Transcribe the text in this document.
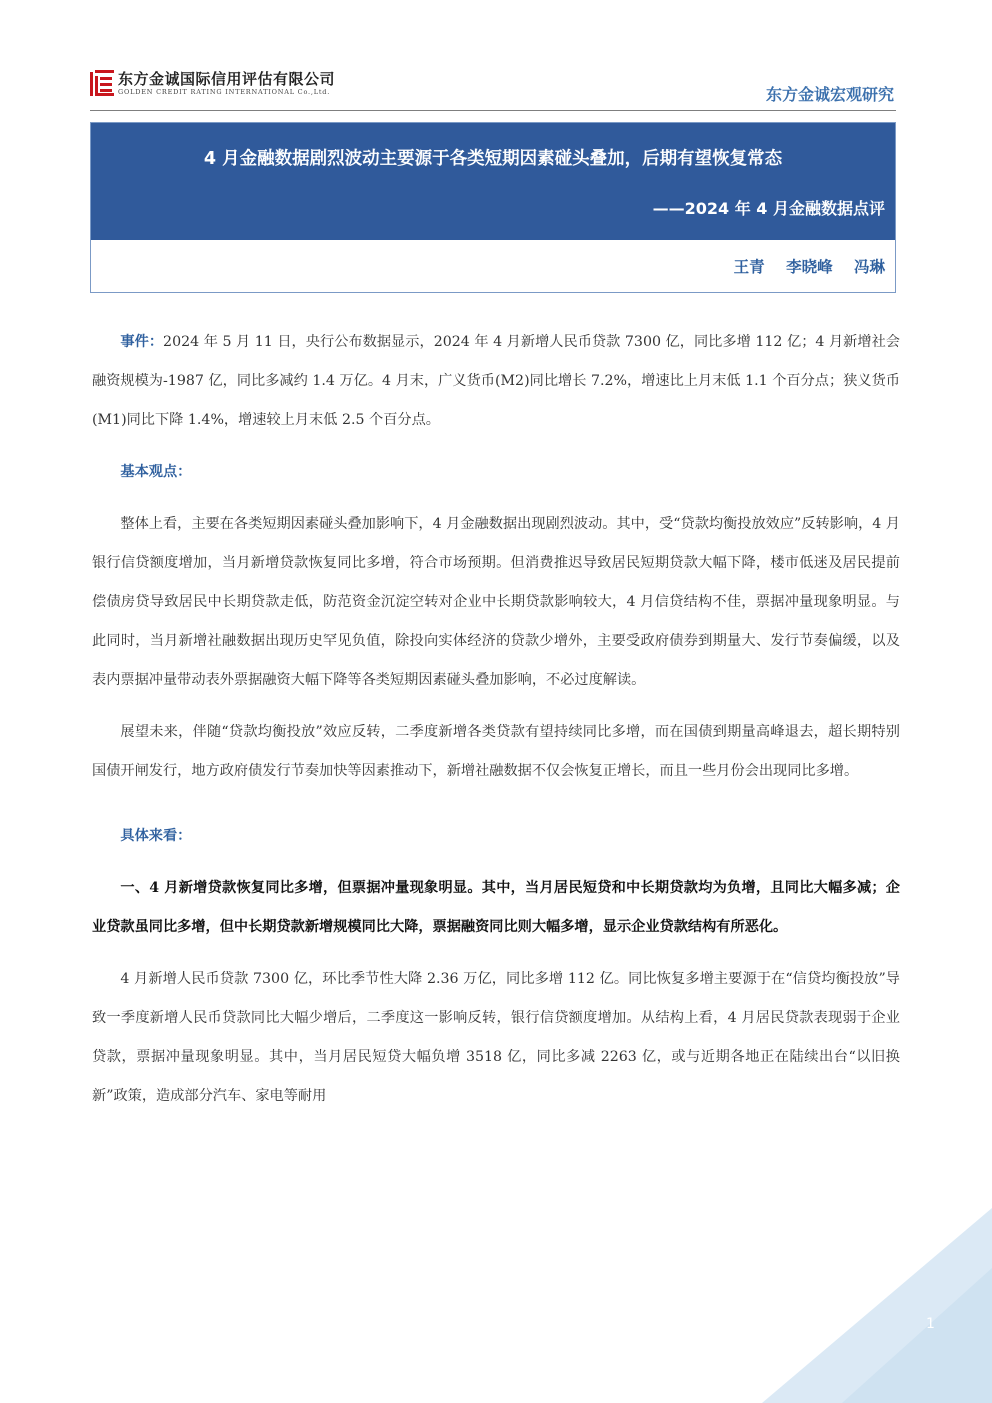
东方金诚国际信用评估有限公司
GOLDEN CREDIT RATING INTERNATIONAL Co.,Ltd.	东方金诚宏观研究
4 月金融数据剧烈波动主要源于各类短期因素碰头叠加，后期有望恢复常态
——2024 年 4 月金融数据点评
王青 李晓峰 冯琳

事件：2024 年 5 月 11 日，央行公布数据显示，2024 年 4 月新增人民币贷款 7300 亿，同比多增 112 亿；4 月新增社会融资规模为-1987 亿，同比多减约 1.4 万亿。4 月末，广义货币(M2)同比增长 7.2%，增速比上月末低 1.1 个百分点；狭义货币(M1)同比下降 1.4%，增速较上月末低 2.5 个百分点。

基本观点：

整体上看，主要在各类短期因素碰头叠加影响下，4 月金融数据出现剧烈波动。其中，受“贷款均衡投放效应”反转影响，4 月银行信贷额度增加，当月新增贷款恢复同比多增，符合市场预期。但消费推迟导致居民短期贷款大幅下降，楼市低迷及居民提前偿债房贷导致居民中长期贷款走低，防范资金沉淀空转对企业中长期贷款影响较大，4 月信贷结构不佳，票据冲量现象明显。与此同时，当月新增社融数据出现历史罕见负值，除投向实体经济的贷款少增外，主要受政府债券到期量大、发行节奏偏缓，以及表内票据冲量带动表外票据融资大幅下降等各类短期因素碰头叠加影响，不必过度解读。

展望未来，伴随“贷款均衡投放”效应反转，二季度新增各类贷款有望持续同比多增，而在国债到期量高峰退去，超长期特别国债开闸发行，地方政府债发行节奏加快等因素推动下，新增社融数据不仅会恢复正增长，而且一些月份会出现同比多增。

具体来看：

一、4 月新增贷款恢复同比多增，但票据冲量现象明显。其中，当月居民短贷和中长期贷款均为负增，且同比大幅多减；企业贷款虽同比多增，但中长期贷款新增规模同比大降，票据融资同比则大幅多增，显示企业贷款结构有所恶化。

4 月新增人民币贷款 7300 亿，环比季节性大降 2.36 万亿，同比多增 112 亿。同比恢复多增主要源于在“信贷均衡投放”导致一季度新增人民币贷款同比大幅少增后，二季度这一影响反转，银行信贷额度增加。从结构上看，4 月居民贷款表现弱于企业贷款，票据冲量现象明显。其中，当月居民短贷大幅负增 3518 亿，同比多减 2263 亿，或与近期各地正在陆续出台“以旧换新”政策，造成部分汽车、家电等耐用

1
